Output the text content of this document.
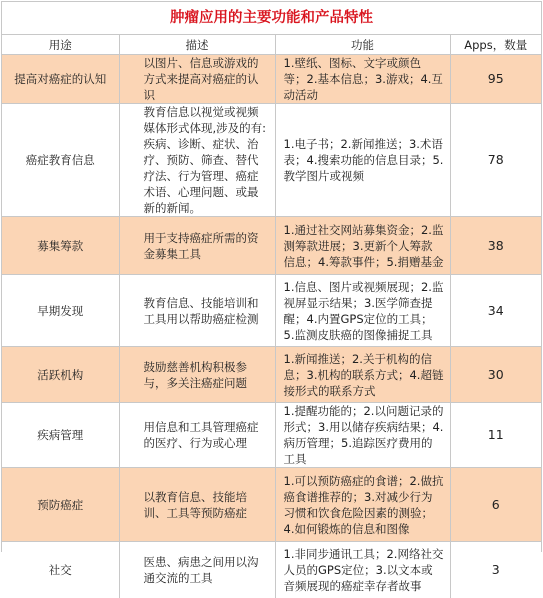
肿瘤应用的主要功能和产品特性
用途	描述	功能	Apps，数量
提高对癌症的认知	以图片、信息或游戏的方式来提高对癌症的认识	1.壁纸、图标、文字或颜色等；2.基本信息；3.游戏；4.互动活动	95
癌症教育信息	教育信息以视觉或视频媒体形式体现,涉及的有:疾病、诊断、症状、治疗、预防、筛查、替代疗法、行为管理、癌症术语、心理问题、或最新的新闻。	1.电子书；2.新闻推送；3.术语表；4.搜索功能的信息目录；5.教学图片或视频	78
募集筹款	用于支持癌症所需的资金募集工具	1.通过社交网站募集资金；2.监测筹款进展；3.更新个人筹款信息；4.筹款事件；5.捐赠基金	38
早期发现	教育信息、技能培训和工具用以帮助癌症检测	1.信息、图片或视频展现；2.监视屏显示结果；3.医学筛查提醒；4.内置GPS定位的工具；5.监测皮肤癌的图像捕捉工具	34
活跃机构	鼓励慈善机构积极参与，多关注癌症问题	1.新闻推送；2.关于机构的信息；3.机构的联系方式；4.超链接形式的联系方式	30
疾病管理	用信息和工具管理癌症的医疗、行为或心理	1.提醒功能的；2.以问题记录的形式；3.用以储存疾病结果；4.病历管理；5.追踪医疗费用的工具	11
预防癌症	以教育信息、技能培训、工具等预防癌症	1.可以预防癌症的食谱；2.做抗癌食谱推荐的；3.对减少行为习惯和饮食危险因素的测验；4.如何锻炼的信息和图像	6
社交	医患、病患之间用以沟通交流的工具	1.非同步通讯工具；2.网络社交人员的GPS定位；3.以文本或音频展现的癌症幸存者故事	3
